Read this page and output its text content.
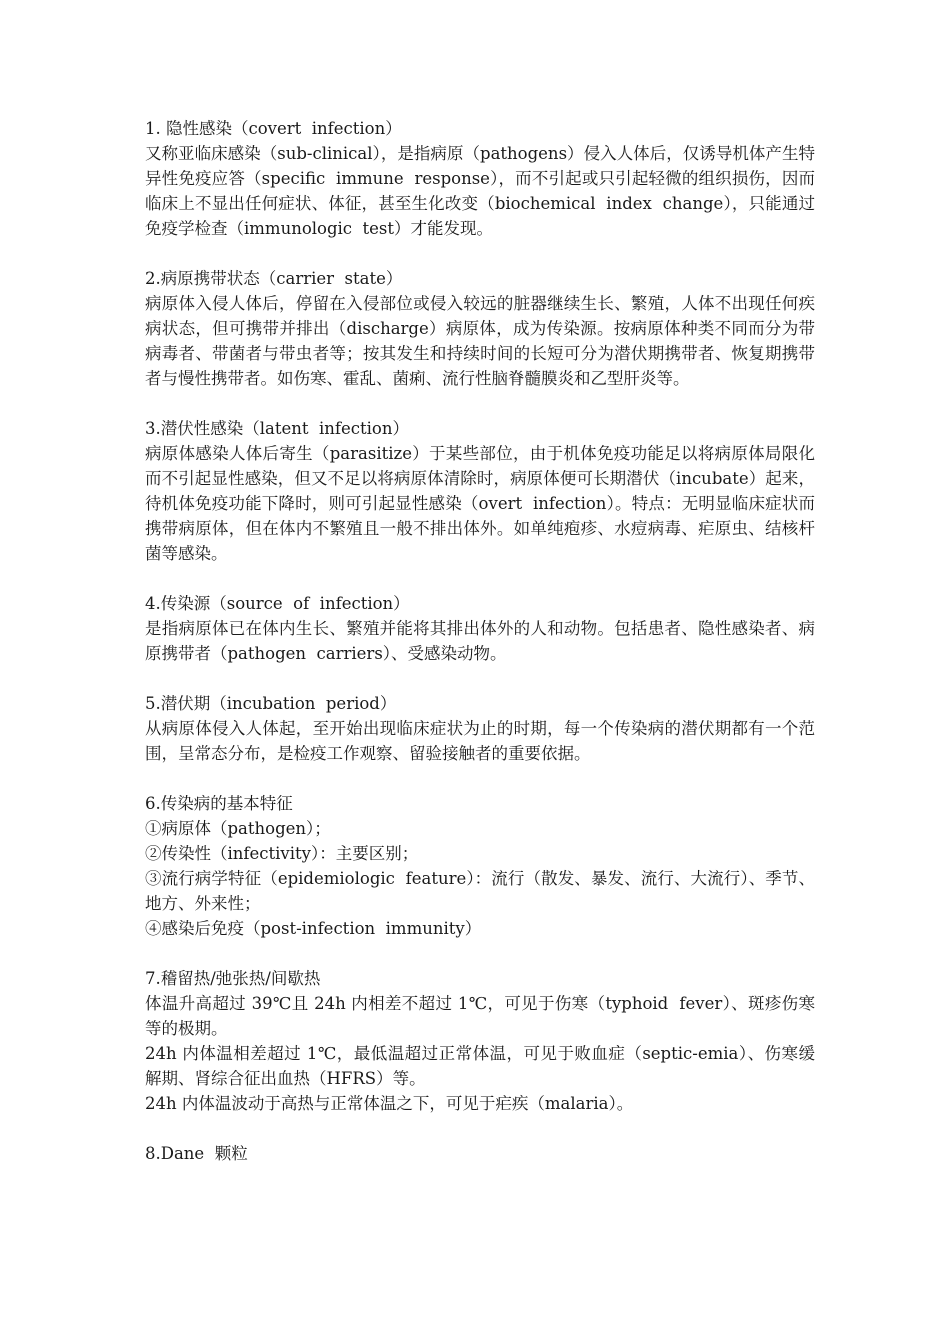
1. 隐性感染（covert  infection）

又称亚临床感染（sub-clinical），是指病原（pathogens）侵入人体后，仅诱导机体产生特异性免疫应答（specific  immune  response），而不引起或只引起轻微的组织损伤，因而临床上不显出任何症状、体征，甚至生化改变（biochemical  index  change），只能通过免疫学检查（immunologic  test）才能发现。

2.病原携带状态（carrier  state）

病原体入侵人体后，停留在入侵部位或侵入较远的脏器继续生长、繁殖，人体不出现任何疾病状态，但可携带并排出（discharge）病原体，成为传染源。按病原体种类不同而分为带病毒者、带菌者与带虫者等；按其发生和持续时间的长短可分为潜伏期携带者、恢复期携带者与慢性携带者。如伤寒、霍乱、菌痢、流行性脑脊髓膜炎和乙型肝炎等。

3.潜伏性感染（latent  infection）

病原体感染人体后寄生（parasitize）于某些部位，由于机体免疫功能足以将病原体局限化而不引起显性感染，但又不足以将病原体清除时，病原体便可长期潜伏（incubate）起来，待机体免疫功能下降时，则可引起显性感染（overt  infection）。特点：无明显临床症状而携带病原体，但在体内不繁殖且一般不排出体外。如单纯疱疹、水痘病毒、疟原虫、结核杆菌等感染。

4.传染源（source  of  infection）

是指病原体已在体内生长、繁殖并能将其排出体外的人和动物。包括患者、隐性感染者、病原携带者（pathogen  carriers）、受感染动物。

5.潜伏期（incubation  period）

从病原体侵入人体起，至开始出现临床症状为止的时期，每一个传染病的潜伏期都有一个范围，呈常态分布，是检疫工作观察、留验接触者的重要依据。

6.传染病的基本特征

①病原体（pathogen）；

②传染性（infectivity）：主要区别；

③流行病学特征（epidemiologic  feature）：流行（散发、暴发、流行、大流行）、季节、地方、外来性；

④感染后免疫（post-infection  immunity）

7.稽留热/弛张热/间歇热

体温升高超过 39℃且 24h 内相差不超过 1℃，可见于伤寒（typhoid  fever）、斑疹伤寒等的极期。

24h 内体温相差超过 1℃，最低温超过正常体温，可见于败血症（septic-emia）、伤寒缓解期、肾综合征出血热（HFRS）等。

24h 内体温波动于高热与正常体温之下，可见于疟疾（malaria）。

8.Dane  颗粒
